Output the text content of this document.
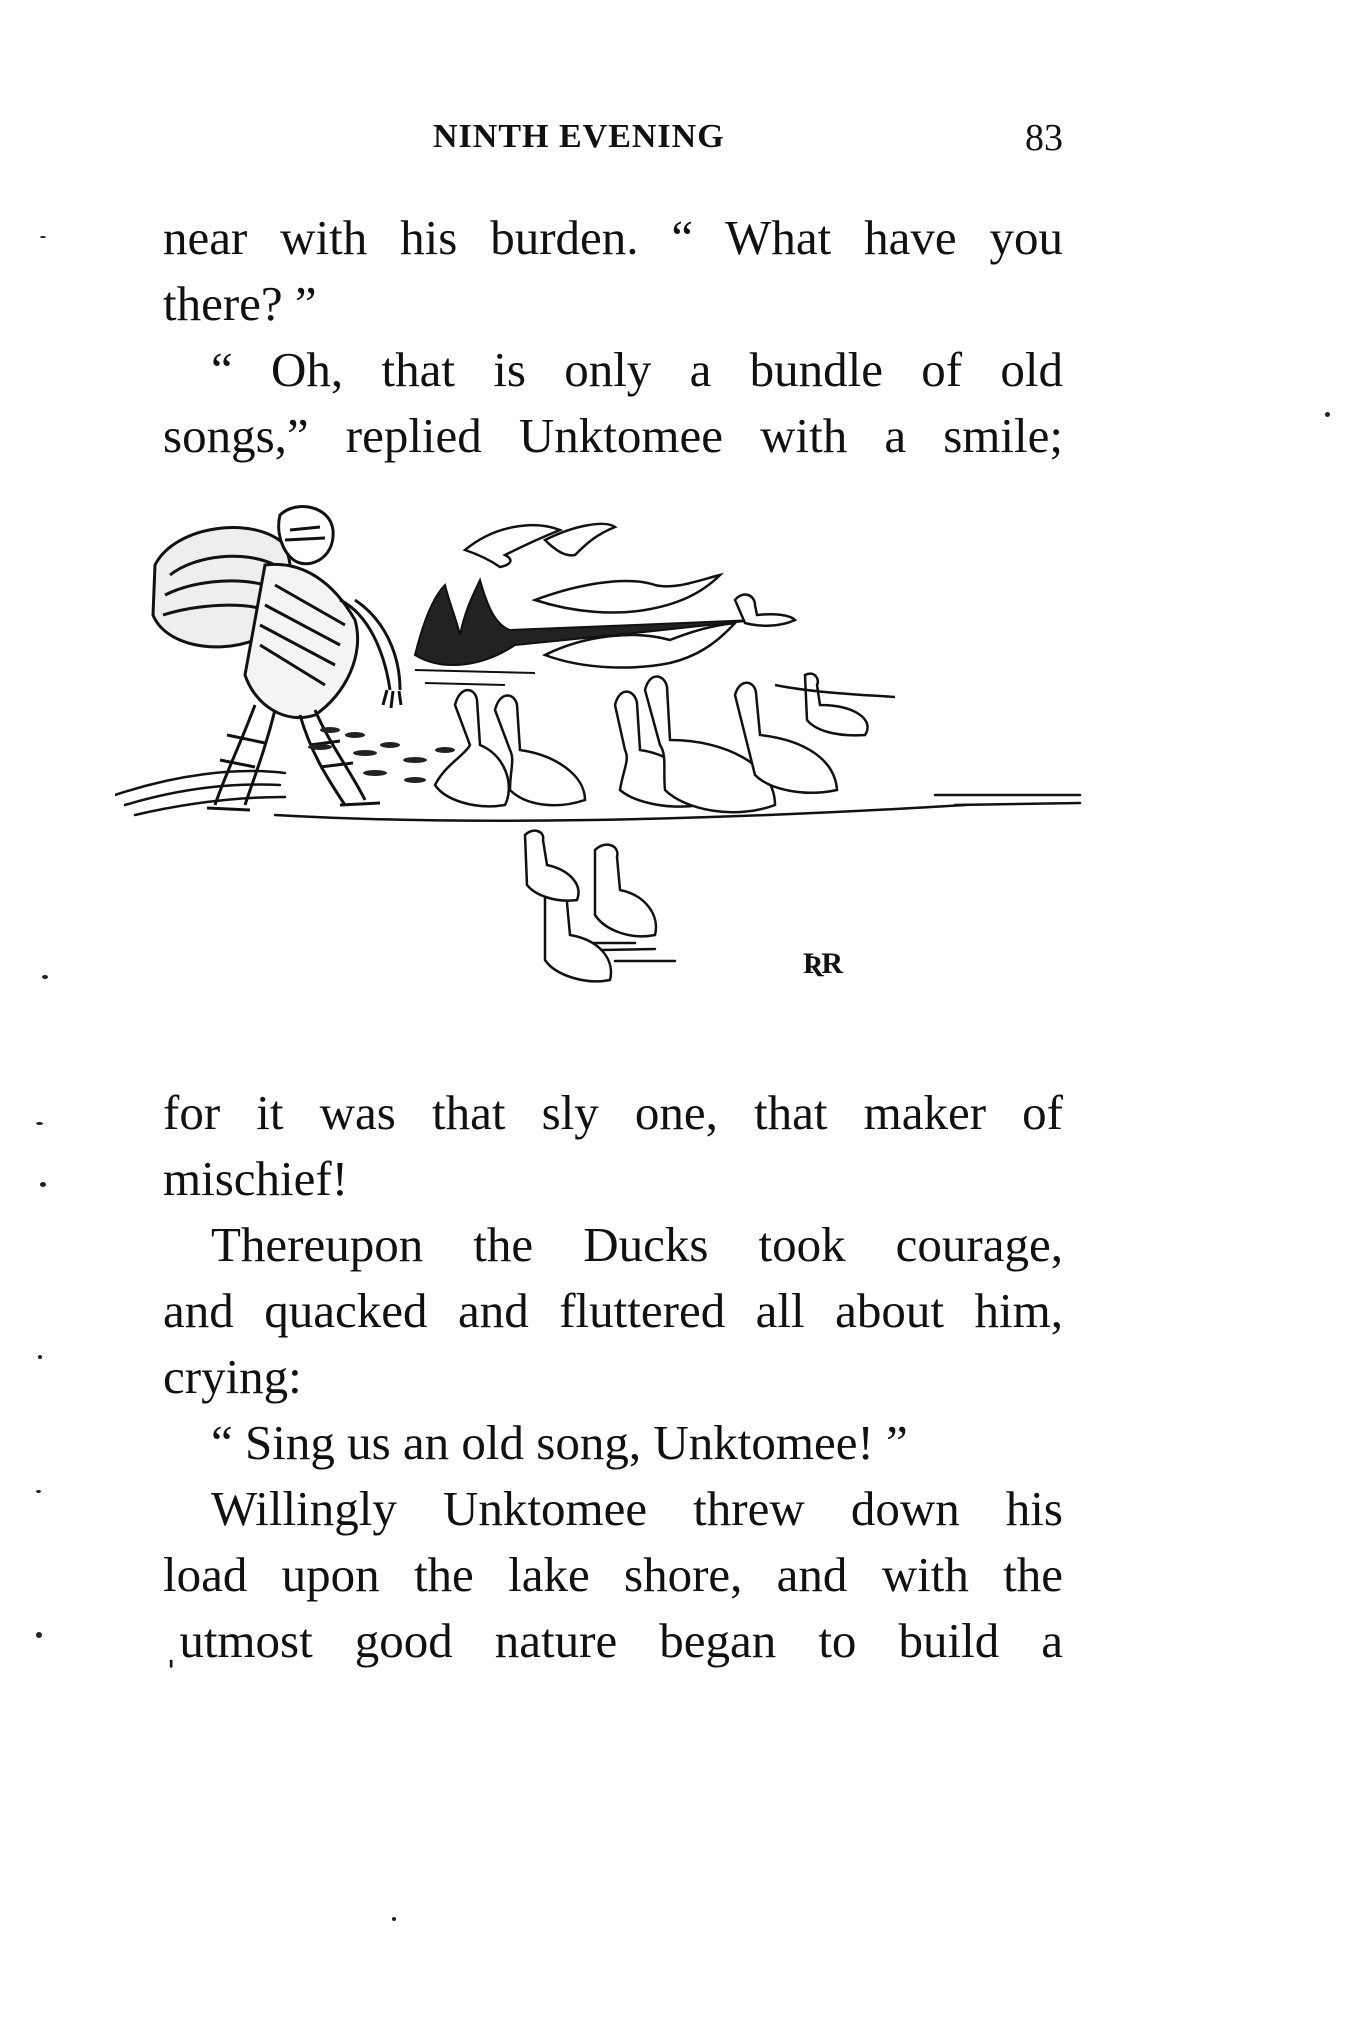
NINTH EVENING	83
near with his burden. “ What have you
there? ”
“ Oh, that is only a bundle of old
songs,” replied Unktomee with a smile;
ƦR
for it was that sly one, that maker of
mischief!
Thereupon the Ducks took courage,
and quacked and fluttered all about him,
crying:
“ Sing us an old song, Unktomee! ”
Willingly Unktomee threw down his
load upon the lake shore, and with the
ˌutmost good nature began to build a
